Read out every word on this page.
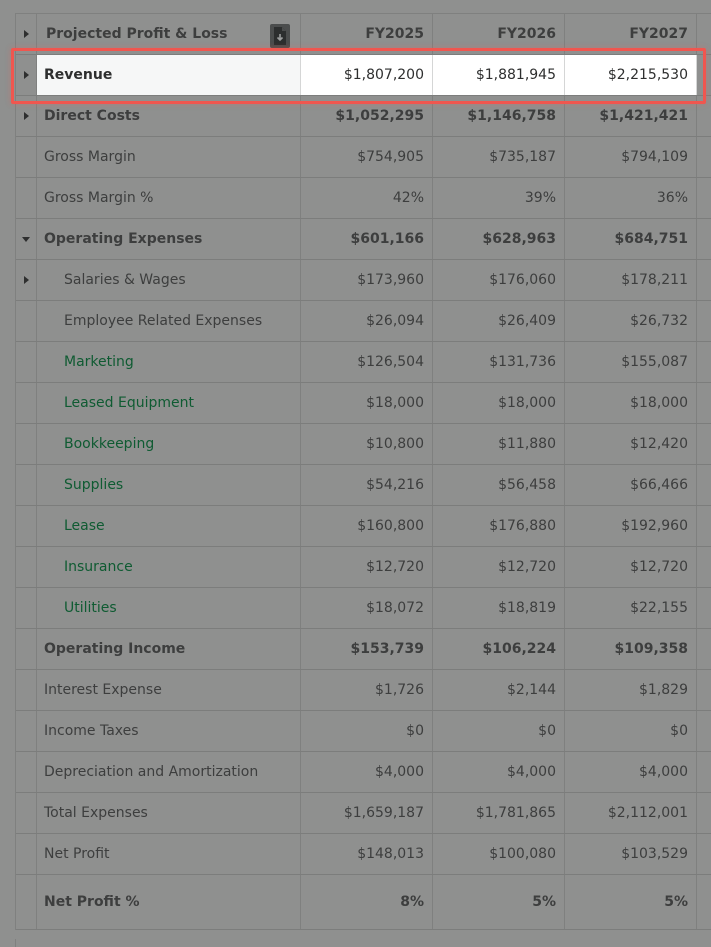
Projected Profit & Loss	FY2025	FY2026	FY2027
Revenue	$1,807,200	$1,881,945	$2,215,530
Direct Costs	$1,052,295	$1,146,758	$1,421,421
Gross Margin	$754,905	$735,187	$794,109
Gross Margin %	42%	39%	36%
Operating Expenses	$601,166	$628,963	$684,751
Salaries & Wages	$173,960	$176,060	$178,211
Employee Related Expenses	$26,094	$26,409	$26,732
Marketing	$126,504	$131,736	$155,087
Leased Equipment	$18,000	$18,000	$18,000
Bookkeeping	$10,800	$11,880	$12,420
Supplies	$54,216	$56,458	$66,466
Lease	$160,800	$176,880	$192,960
Insurance	$12,720	$12,720	$12,720
Utilities	$18,072	$18,819	$22,155
Operating Income	$153,739	$106,224	$109,358
Interest Expense	$1,726	$2,144	$1,829
Income Taxes	$0	$0	$0
Depreciation and Amortization	$4,000	$4,000	$4,000
Total Expenses	$1,659,187	$1,781,865	$2,112,001
Net Profit	$148,013	$100,080	$103,529
Net Profit %	8%	5%	5%
